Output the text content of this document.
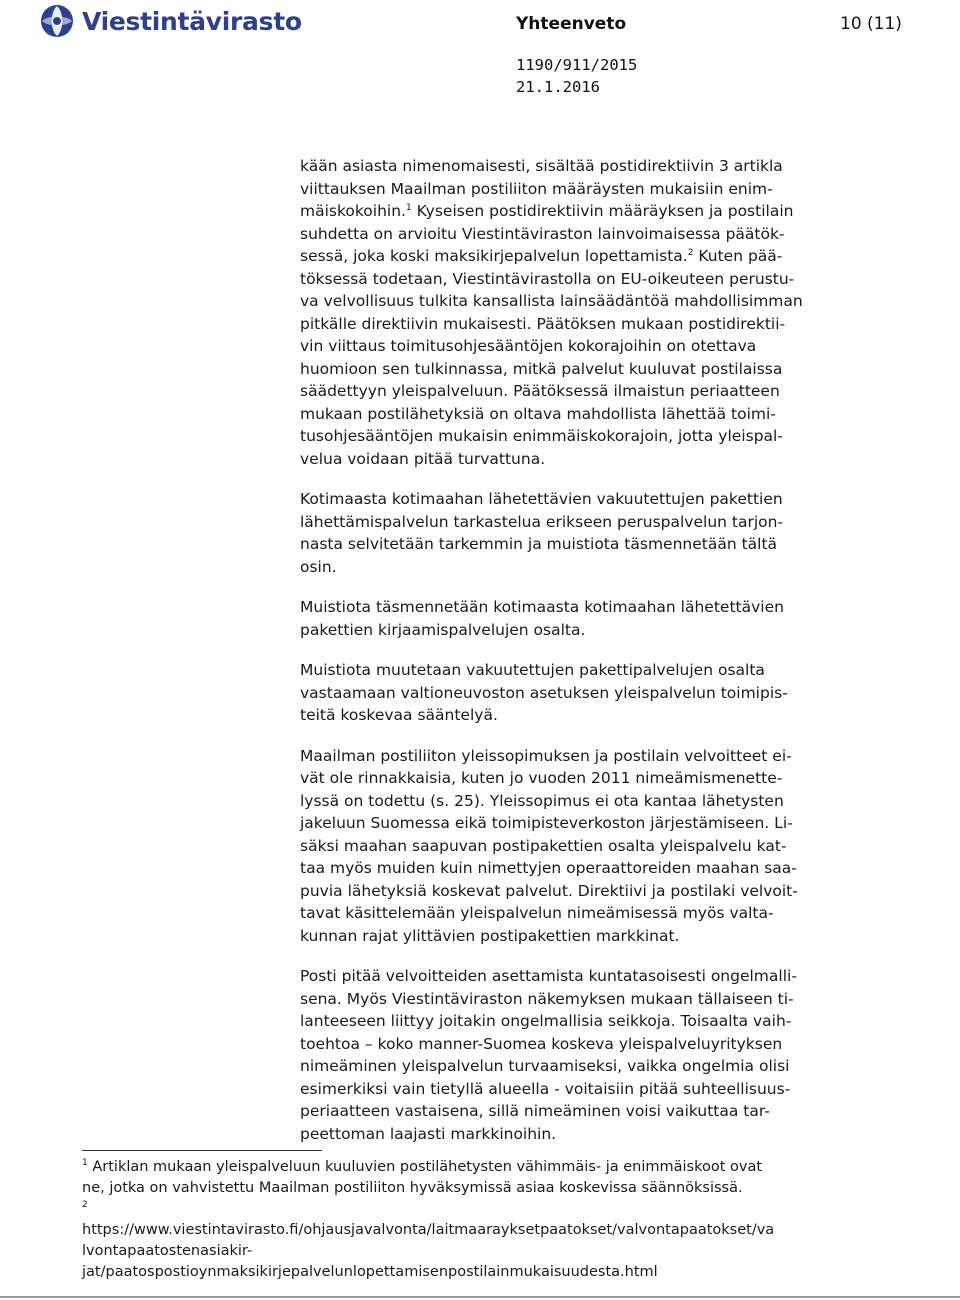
Viestintävirasto	Yhteenveto	10 (11)
1190/911/2015
21.1.2016
kään asiasta nimenomaisesti, sisältää postidirektiivin 3 artikla
viittauksen Maailman postiliiton määräysten mukaisiin enim-
mäiskokoihin.$^1$ Kyseisen postidirektiivin määräyksen ja postilain
suhdetta on arvioitu Viestintäviraston lainvoimaisessa päätök-
sessä, joka koski maksikirjepalvelun lopettamista.$^2$ Kuten pää-
töksessä todetaan, Viestintävirastolla on EU-oikeuteen perustu-
va velvollisuus tulkita kansallista lainsäädäntöä mahdollisimman
pitkälle direktiivin mukaisesti. Päätöksen mukaan postidirektii-
vin viittaus toimitusohjesääntöjen kokorajoihin on otettava
huomioon sen tulkinnassa, mitkä palvelut kuuluvat postilaissa
säädettyyn yleispalveluun. Päätöksessä ilmaistun periaatteen
mukaan postilähetyksiä on oltava mahdollista lähettää toimi-
tusohjesääntöjen mukaisin enimmäiskokorajoin, jotta yleispal-
velua voidaan pitää turvattuna.
Kotimaasta kotimaahan lähetettävien vakuutettujen pakettien
lähettämispalvelun tarkastelua erikseen peruspalvelun tarjon-
nasta selvitetään tarkemmin ja muistiota täsmennetään tältä
osin.
Muistiota täsmennetään kotimaasta kotimaahan lähetettävien
pakettien kirjaamispalvelujen osalta.
Muistiota muutetaan vakuutettujen pakettipalvelujen osalta
vastaamaan valtioneuvoston asetuksen yleispalvelun toimipis-
teitä koskevaa sääntelyä.
Maailman postiliiton yleissopimuksen ja postilain velvoitteet ei-
vät ole rinnakkaisia, kuten jo vuoden 2011 nimeämismenette-
lyssä on todettu (s. 25). Yleissopimus ei ota kantaa lähetysten
jakeluun Suomessa eikä toimipisteverkoston järjestämiseen. Li-
säksi maahan saapuvan postipakettien osalta yleispalvelu kat-
taa myös muiden kuin nimettyjen operaattoreiden maahan saa-
puvia lähetyksiä koskevat palvelut. Direktiivi ja postilaki velvoit-
tavat käsittelemään yleispalvelun nimeämisessä myös valta-
kunnan rajat ylittävien postipakettien markkinat.
Posti pitää velvoitteiden asettamista kuntatasoisesti ongelmalli-
sena. Myös Viestintäviraston näkemyksen mukaan tällaiseen ti-
lanteeseen liittyy joitakin ongelmallisia seikkoja. Toisaalta vaih-
toehtoa – koko manner-Suomea koskeva yleispalveluyrityksen
nimeäminen yleispalvelun turvaamiseksi, vaikka ongelmia olisi
esimerkiksi vain tietyllä alueella - voitaisiin pitää suhteellisuus-
periaatteen vastaisena, sillä nimeäminen voisi vaikuttaa tar-
peettoman laajasti markkinoihin.
$^1$ Artiklan mukaan yleispalveluun kuuluvien postilähetysten vähimmäis- ja enimmäiskoot ovat
ne, jotka on vahvistettu Maailman postiliiton hyväksymissä asiaa koskevissa säännöksissä.
$^2$
https://www.viestintavirasto.fi/ohjausjavalvonta/laitmaaraykset​paatokset/valvontapaatokset/va
lvontapaatostenasiakir-
jat/paatospostioynmaksikirjepalvelunlopettamisenpostilainmukaisuudesta.html
